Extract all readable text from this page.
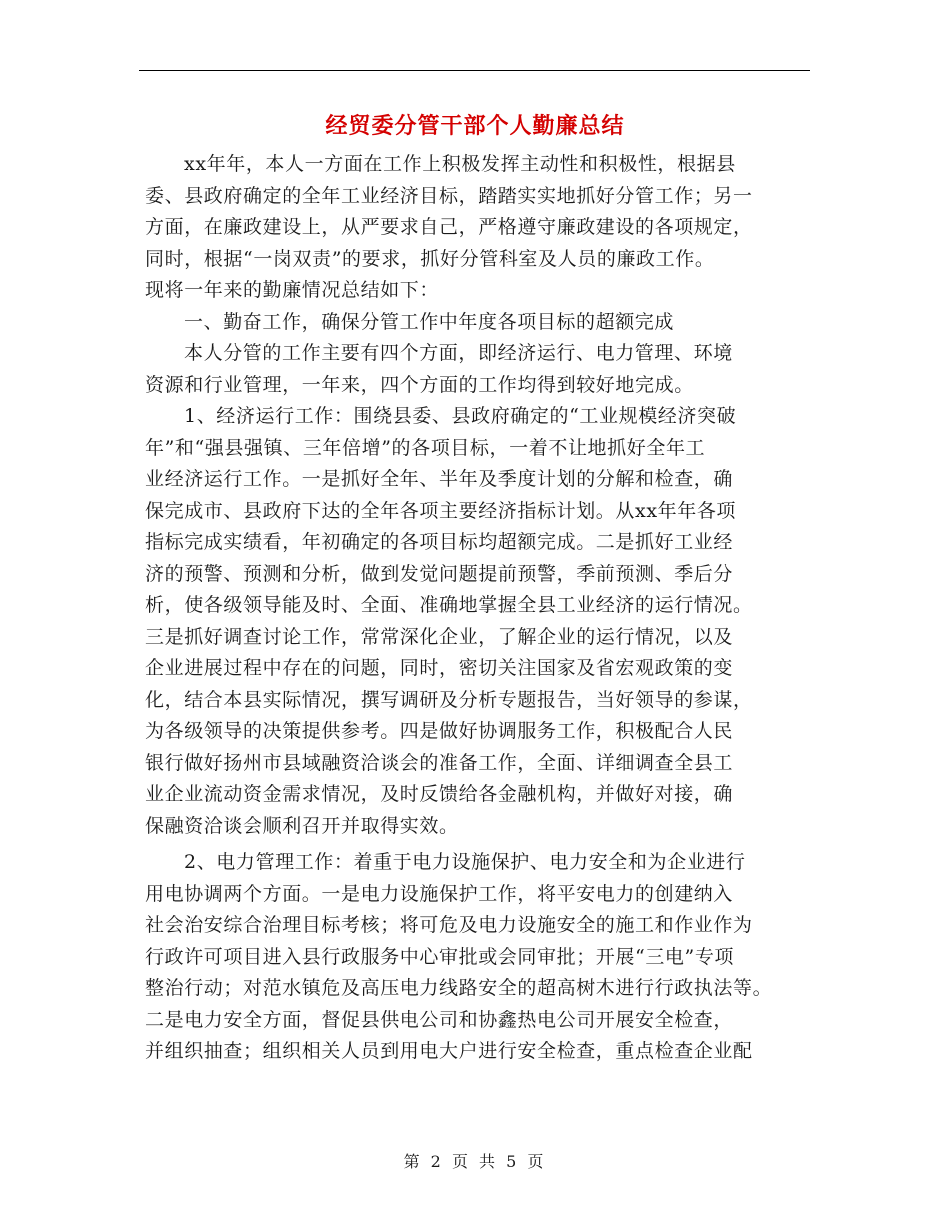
经贸委分管干部个人勤廉总结
xx年年，本人一方面在工作上积极发挥主动性和积极性，根据县
委、县政府确定的全年工业经济目标，踏踏实实地抓好分管工作；另一
方面，在廉政建设上，从严要求自己，严格遵守廉政建设的各项规定，
同时，根据“一岗双责”的要求，抓好分管科室及人员的廉政工作。
现将一年来的勤廉情况总结如下：
一、勤奋工作，确保分管工作中年度各项目标的超额完成
本人分管的工作主要有四个方面，即经济运行、电力管理、环境
资源和行业管理，一年来，四个方面的工作均得到较好地完成。
1、经济运行工作：围绕县委、县政府确定的“工业规模经济突破
年”和“强县强镇、三年倍增”的各项目标，一着不让地抓好全年工
业经济运行工作。一是抓好全年、半年及季度计划的分解和检查，确
保完成市、县政府下达的全年各项主要经济指标计划。从xx年年各项
指标完成实绩看，年初确定的各项目标均超额完成。二是抓好工业经
济的预警、预测和分析，做到发觉问题提前预警，季前预测、季后分
析，使各级领导能及时、全面、准确地掌握全县工业经济的运行情况。
三是抓好调查讨论工作，常常深化企业，了解企业的运行情况，以及
企业进展过程中存在的问题，同时，密切关注国家及省宏观政策的变
化，结合本县实际情况，撰写调研及分析专题报告，当好领导的参谋，
为各级领导的决策提供参考。四是做好协调服务工作，积极配合人民
银行做好扬州市县域融资洽谈会的准备工作，全面、详细调查全县工
业企业流动资金需求情况，及时反馈给各金融机构，并做好对接，确
保融资洽谈会顺利召开并取得实效。
2、电力管理工作：着重于电力设施保护、电力安全和为企业进行
用电协调两个方面。一是电力设施保护工作，将平安电力的创建纳入
社会治安综合治理目标考核；将可危及电力设施安全的施工和作业作为
行政许可项目进入县行政服务中心审批或会同审批；开展“三电”专项
整治行动；对范水镇危及高压电力线路安全的超高树木进行行政执法等。
二是电力安全方面，督促县供电公司和协鑫热电公司开展安全检查，
并组织抽查；组织相关人员到用电大户进行安全检查，重点检查企业配
第 2 页 共 5 页
